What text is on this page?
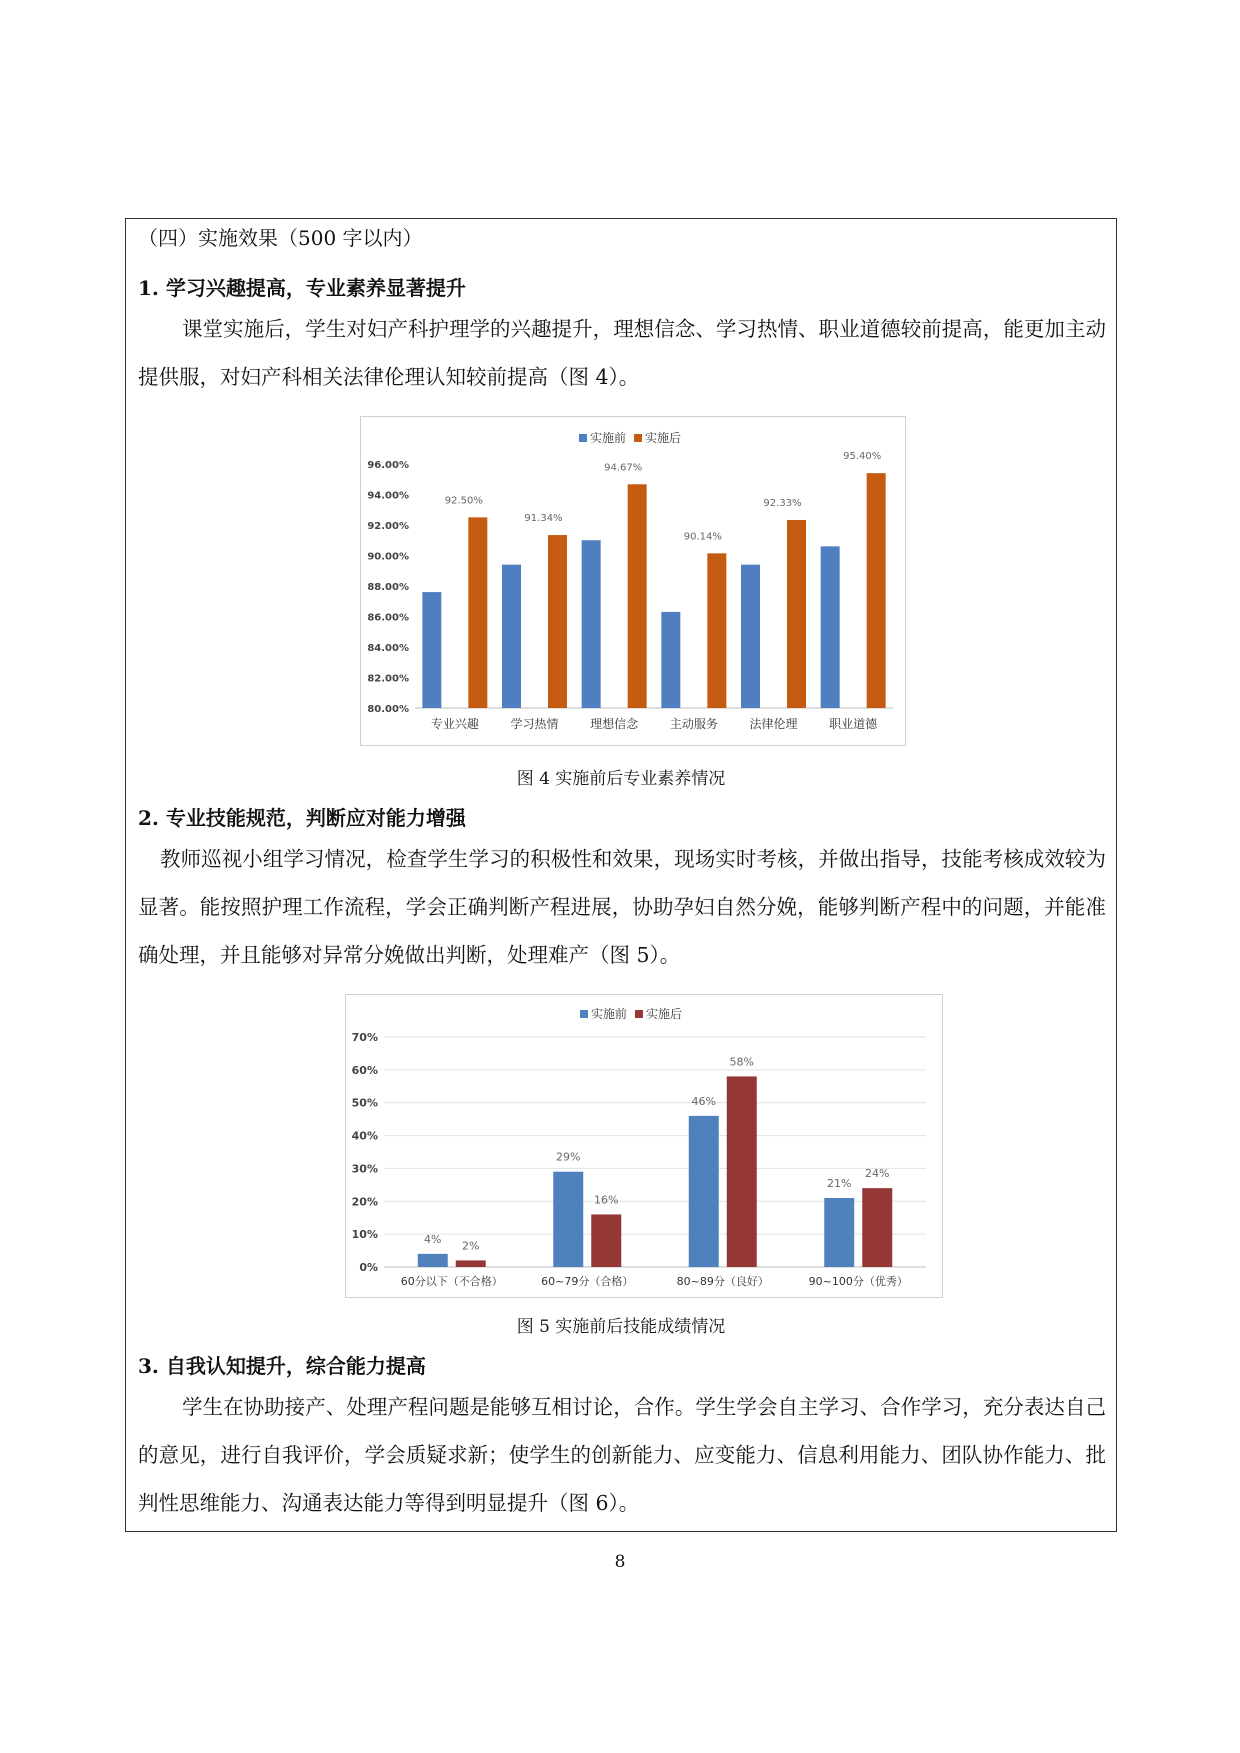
（四）实施效果（500 字以内）
1. 学习兴趣提高，专业素养显著提升
课堂实施后，学生对妇产科护理学的兴趣提升，理想信念、学习热情、职业道德较前提高，能更加主动提供服，对妇产科相关法律伦理认知较前提高（图 4）。
80.00%
82.00%
84.00%
86.00%
88.00%
90.00%
92.00%
94.00%
96.00%
92.50%
专业兴趣
91.34%
学习热情
94.67%
理想信念
90.14%
主动服务
92.33%
法律伦理
95.40%
职业道德
实施前 实施后
图 4 实施前后专业素养情况
2. 专业技能规范，判断应对能力增强
教师巡视小组学习情况，检查学生学习的积极性和效果，现场实时考核，并做出指导，技能考核成效较为显著。能按照护理工作流程，学会正确判断产程进展，协助孕妇自然分娩，能够判断产程中的问题，并能准确处理，并且能够对异常分娩做出判断，处理难产（图 5）。
0%
10%
20%
30%
40%
50%
60%
70%
4%
2%
60分以下（不合格）
29%
16%
60~79分（合格）
46%
58%
80~89分（良好）
21%
24%
90~100分（优秀）
实施前 实施后
图 5 实施前后技能成绩情况
3. 自我认知提升，综合能力提高
学生在协助接产、处理产程问题是能够互相讨论，合作。学生学会自主学习、合作学习，充分表达自己的意见，进行自我评价，学会质疑求新；使学生的创新能力、应变能力、信息利用能力、团队协作能力、批判性思维能力、沟通表达能力等得到明显提升（图 6）。
8
